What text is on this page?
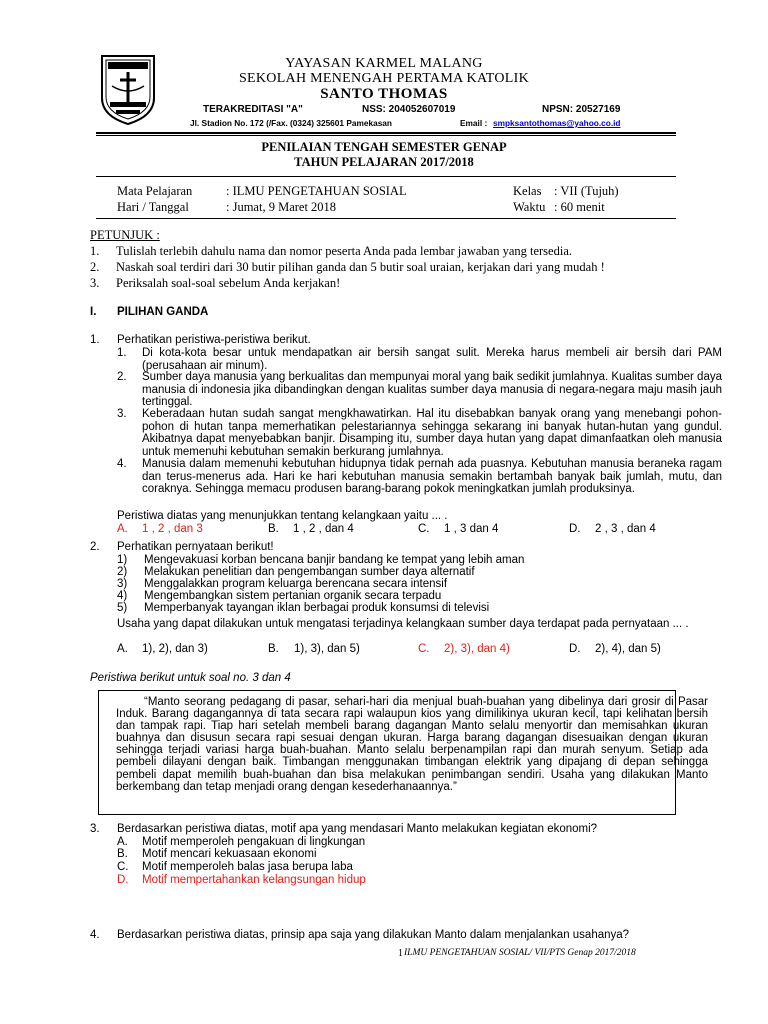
YAYASAN KARMEL MALANG
SEKOLAH MENENGAH PERTAMA KATOLIK
SANTO THOMAS
TERAKREDITASI "A"	NSS: 204052607019	NPSN: 20527169
Jl. Stadion No. 172 (/Fax. (0324) 325601 Pamekasan	Email : smpksantothomas@yahoo.co.id
PENILAIAN TENGAH SEMESTER GENAP
TAHUN PELAJARAN 2017/2018
Mata Pelajaran	: ILMU PENGETAHUAN SOSIAL	Kelas : VII (Tujuh)
Hari / Tanggal	: Jumat, 9 Maret 2018	Waktu : 60 menit
PETUNJUK :
1. Tulislah terlebih dahulu nama dan nomor peserta Anda pada lembar jawaban yang tersedia.
2. Naskah soal terdiri dari 30 butir pilihan ganda dan 5 butir soal uraian, kerjakan dari yang mudah !
3. Periksalah soal-soal sebelum Anda kerjakan!
I. PILIHAN GANDA
1. Perhatikan peristiwa-peristiwa berikut.
1. Di kota-kota besar untuk mendapatkan air bersih sangat sulit. Mereka harus membeli air bersih dari PAM (perusahaan air minum).
2. Sumber daya manusia yang berkualitas dan mempunyai moral yang baik sedikit jumlahnya. Kualitas sumber daya manusia di indonesia jika dibandingkan dengan kualitas sumber daya manusia di negara-negara maju masih jauh tertinggal.
3. Keberadaan hutan sudah sangat mengkhawatirkan. Hal itu disebabkan banyak orang yang menebangi pohon-pohon di hutan tanpa memerhatikan pelestariannya sehingga sekarang ini banyak hutan-hutan yang gundul. Akibatnya dapat menyebabkan banjir. Disamping itu, sumber daya hutan yang dapat dimanfaatkan oleh manusia untuk memenuhi kebutuhan semakin berkurang jumlahnya.
4. Manusia dalam memenuhi kebutuhan hidupnya tidak pernah ada puasnya. Kebutuhan manusia beraneka ragam dan terus-menerus ada. Hari ke hari kebutuhan manusia semakin bertambah banyak baik jumlah, mutu, dan coraknya. Sehingga memacu produsen barang-barang pokok meningkatkan jumlah produksinya.
Peristiwa diatas yang menunjukkan tentang kelangkaan yaitu ... .
A. 1 , 2 , dan 3	B. 1 , 2 , dan 4	C. 1 , 3 dan 4	D. 2 , 3 , dan 4
2. Perhatikan pernyataan berikut!
1) Mengevakuasi korban bencana banjir bandang ke tempat yang lebih aman
2) Melakukan penelitian dan pengembangan sumber daya alternatif
3) Menggalakkan program keluarga berencana secara intensif
4) Mengembangkan sistem pertanian organik secara terpadu
5) Memperbanyak tayangan iklan berbagai produk konsumsi di televisi
Usaha yang dapat dilakukan untuk mengatasi terjadinya kelangkaan sumber daya terdapat pada pernyataan ... .
A. 1), 2), dan 3)	B. 1), 3), dan 5)	C. 2), 3), dan 4)	D. 2), 4), dan 5)
Peristiwa berikut untuk soal no. 3 dan 4
“Manto seorang pedagang di pasar, sehari-hari dia menjual buah-buahan yang dibelinya dari grosir di Pasar Induk. Barang dagangannya di tata secara rapi walaupun kios yang dimilikinya ukuran kecil, tapi kelihatan bersih dan tampak rapi. Tiap hari setelah membeli barang dagangan Manto selalu menyortir dan memisahkan ukuran buahnya dan disusun secara rapi sesuai dengan ukuran. Harga barang dagangan disesuaikan dengan ukuran sehingga terjadi variasi harga buah-buahan. Manto selalu berpenampilan rapi dan murah senyum. Setiap ada pembeli dilayani dengan baik. Timbangan menggunakan timbangan elektrik yang dipajang di depan sehingga pembeli dapat memilih buah-buahan dan bisa melakukan penimbangan sendiri. Usaha yang dilakukan Manto berkembang dan tetap menjadi orang dengan kesederhanaannya.”
3. Berdasarkan peristiwa diatas, motif apa yang mendasari Manto melakukan kegiatan ekonomi?
A. Motif memperoleh pengakuan di lingkungan
B. Motif mencari kekuasaan ekonomi
C. Motif memperoleh balas jasa berupa laba
D. Motif mempertahankan kelangsungan hidup
4. Berdasarkan peristiwa diatas, prinsip apa saja yang dilakukan Manto dalam menjalankan usahanya?
1 ILMU PENGETAHUAN SOSIAL/ VII/PTS Genap 2017/2018
